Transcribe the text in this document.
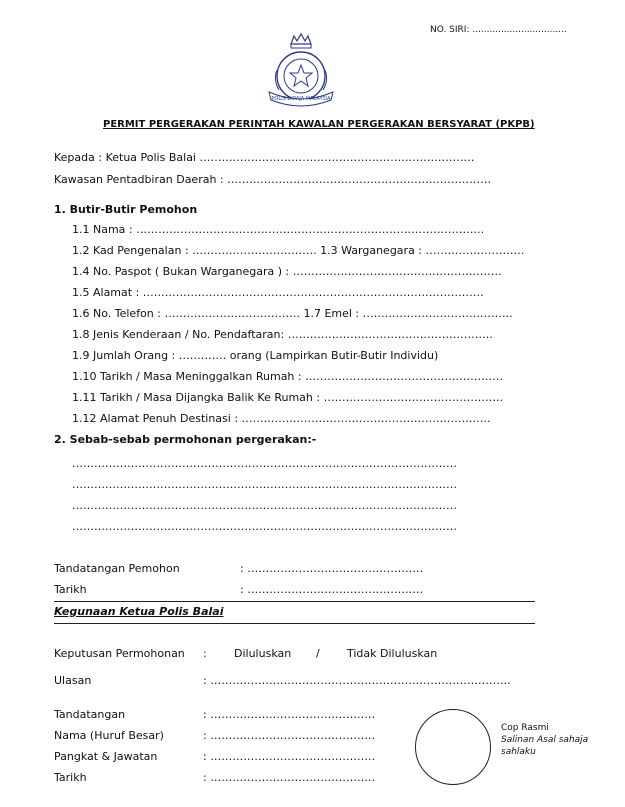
NO. SIRI: .................................
POLIS DIRAJA MALAYSIA
PERMIT PERGERAKAN PERINTAH KAWALAN PERGERAKAN BERSYARAT (PKPB)
Kepada : Ketua Polis Balai …………………………………………………………………
Kawasan Pentadbiran Daerah : ………………………………………………………………
1. Butir-Butir Pemohon
1.1 Nama : …………………………………………………………………………………..
1.2 Kad Pengenalan : ……………………………. 1.3 Warganegara : ………………………
1.4 No. Paspot ( Bukan Warganegara ) : …………………………………………………
1.5 Alamat : …………………………………………………………………………………
1.6 No. Telefon : ………………………………. 1.7 Emel : …………………………………..
1.8 Jenis Kenderaan / No. Pendaftaran: ………………………………………………..
1.9 Jumlah Orang : …………. orang (Lampirkan Butir-Butir Individu)
1.10 Tarikh / Masa Meninggalkan Rumah : ………………………………………………
1.11 Tarikh / Masa Dijangka Balik Ke Rumah : ………………………………………….
1.12 Alamat Penuh Destinasi : …………………………………………………………..
2. Sebab-sebab permohonan pergerakan:-
……………………………………………………………………………………………
……………………………………………………………………………………………
……………………………………………………………………………………………
……………………………………………………………………………………………
Tandatangan Pemohon	: …………………………………………
Tarikh	: …………………………………………
Kegunaan Ketua Polis Balai
Keputusan Permohonan : Diluluskan / Tidak Diluluskan
Ulasan	: ……………………………………………………………………….
Tandatangan	: ………………………………………
Nama (Huruf Besar)	: ………………………………………
Pangkat & Jawatan	: ………………………………………
Tarikh	: ………………………………………
Cop Rasmi
Salinan Asal sahaja
sahlaku
